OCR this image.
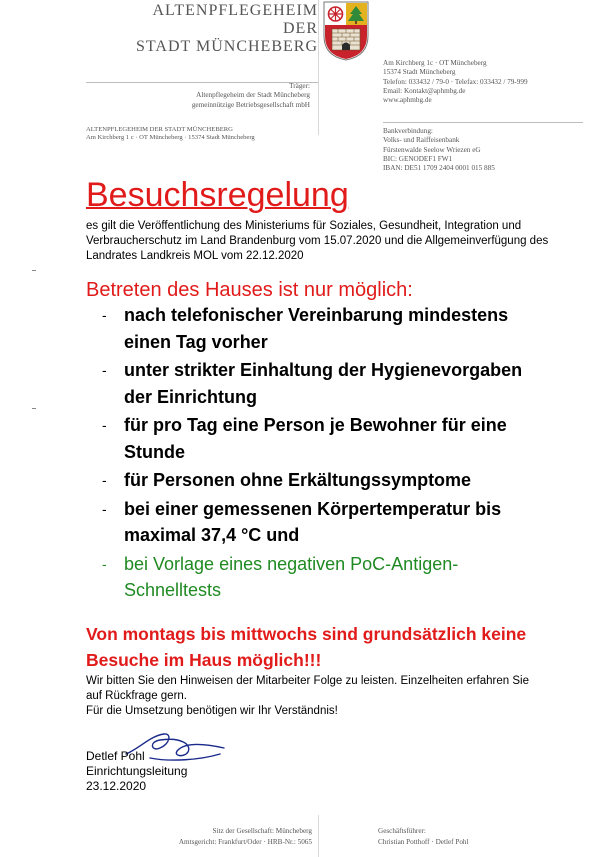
ALTENPFLEGEHEIM DER
STADT MÜNCHEBERG
Träger:
Altenpflegeheim der Stadt Müncheberg
gemeinnützige Betriebsgesellschaft mbH
ALTENPFLEGEHEIM DER STADT MÜNCHEBERG
Am Kirchberg 1 c · OT Müncheberg · 15374 Stadt Müncheberg
Am Kirchberg 1c · OT Müncheberg
15374 Stadt Müncheberg
Telefon: 033432 / 79-0 · Telefax: 033432 / 79-999
Email: Kontakt@aphmbg.de
www.aphmbg.de
Bankverbindung:
Volks- und Raiffeisenbank
Fürstenwalde Seelow Wriezen eG
BIC: GENODEF1 FW1
IBAN: DE51 1709 2404 0001 015 885
Besuchsregelung
es gilt die Veröffentlichung des Ministeriums für Soziales, Gesundheit, Integration und Verbraucherschutz im Land Brandenburg vom 15.07.2020 und die Allgemeinverfügung des Landrates Landkreis MOL vom 22.12.2020
Betreten des Hauses ist nur möglich:
- nach telefonischer Vereinbarung mindestens einen Tag vorher
- unter strikter Einhaltung der Hygienevorgaben der Einrichtung
- für pro Tag eine Person je Bewohner für eine Stunde
- für Personen ohne Erkältungssymptome
- bei einer gemessenen Körpertemperatur bis maximal 37,4 °C und
- bei Vorlage eines negativen PoC-Antigen-Schnelltests
Von montags bis mittwochs sind grundsätzlich keine Besuche im Haus möglich!!!
Wir bitten Sie den Hinweisen der Mitarbeiter Folge zu leisten. Einzelheiten erfahren Sie auf Rückfrage gern.
Für die Umsetzung benötigen wir Ihr Verständnis!
Detlef Pohl
Einrichtungsleitung
23.12.2020
Sitz der Gesellschaft: Müncheberg
Amtsgericht: Frankfurt/Oder · HRB-Nr.: 5065
Geschäftsführer:
Christian Potthoff · Detlef Pohl
